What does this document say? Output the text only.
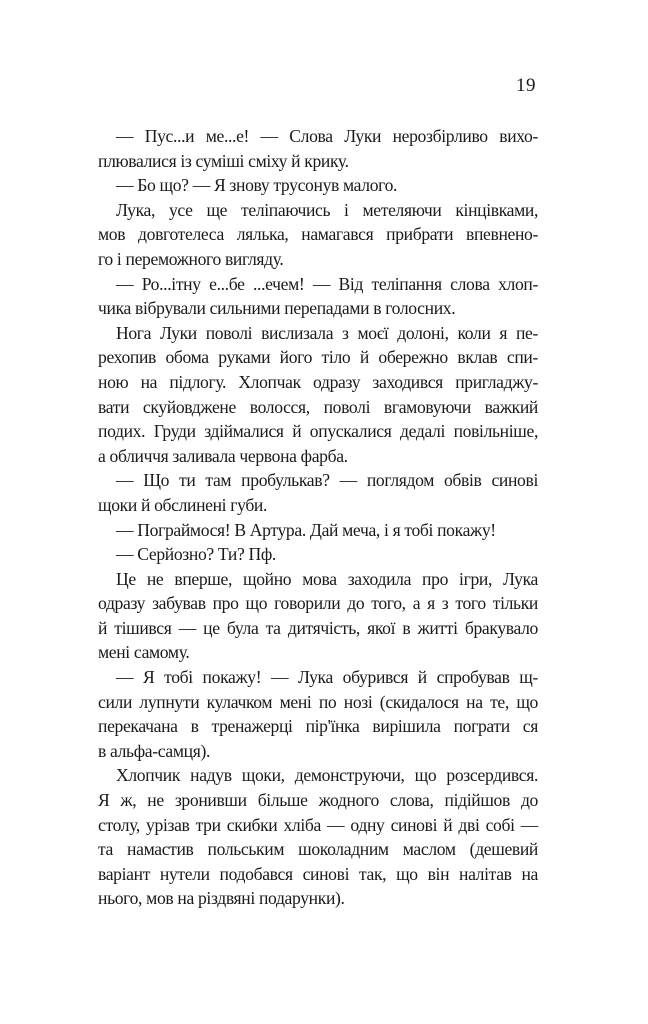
19
— Пус...и ме...е! — Слова Луки нерозбірливо вихо-
плювалися із суміші сміху й крику.
— Бо що? — Я знову трусонув малого.
Лука, усе ще теліпаючись і метеляючи кінцівками,
мов довготелеса лялька, намагався прибрати впевнено-
го і переможного вигляду.
— Ро...ітну е...бе ...ечем! — Від теліпання слова хлоп-
чика вібрували сильними перепадами в голосних.
Нога Луки поволі вислизала з моєї долоні, коли я пе-
рехопив обома руками його тіло й обережно вклав спи-
ною на підлогу. Хлопчак одразу заходився пригладжу-
вати скуйовджене волосся, поволі вгамовуючи важкий
подих. Груди здіймалися й опускалися дедалі повільніше,
а обличчя заливала червона фарба.
— Що ти там пробулькав? — поглядом обвів синові
щоки й обслинені губи.
— Пограймося! В Артура. Дай меча, і я тобі покажу!
— Серйозно? Ти? Пф.
Це не вперше, щойно мова заходила про ігри, Лука
одразу забував про що говорили до того, а я з того тільки
й тішився — це була та дитячість, якої в житті бракувало
мені самому.
— Я тобі покажу! — Лука обурився й спробував щ-
сили лупнути кулачком мені по нозі (скидалося на те, що
перекачана в тренажерці пір'їнка вирішила пограти ся
в альфа-самця).
Хлопчик надув щоки, демонструючи, що розсердився.
Я ж, не зронивши більше жодного слова, підійшов до
столу, урізав три скибки хліба — одну синові й дві собі —
та намастив польським шоколадним маслом (дешевий
варіант нутели подобався синові так, що він налітав на
нього, мов на різдвяні подарунки).
